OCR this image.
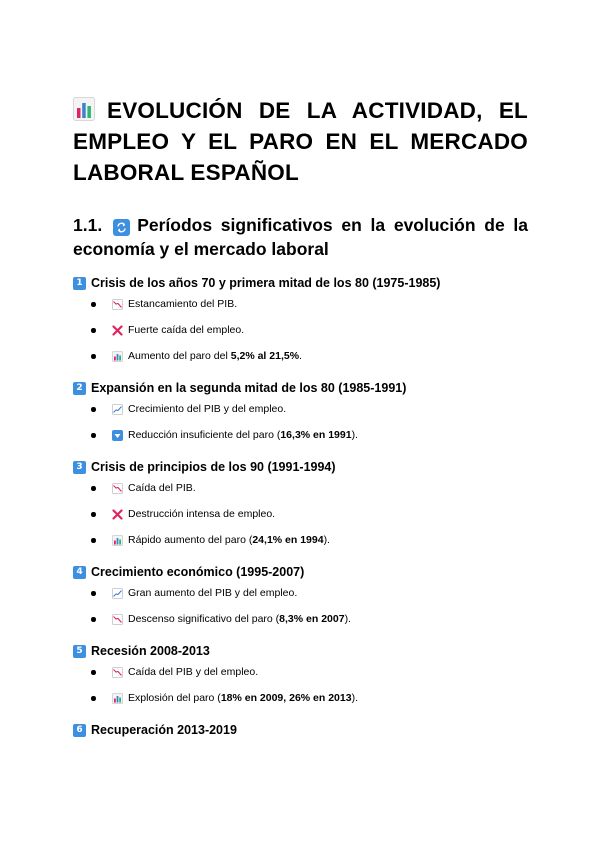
EVOLUCIÓN DE LA ACTIVIDAD, EL EMPLEO Y EL PARO EN EL MERCADO LABORAL ESPAÑOL
1.1. Períodos significativos en la evolución de la economía y el mercado laboral
1 Crisis de los años 70 y primera mitad de los 80 (1975-1985)
Estancamiento del PIB.
Fuerte caída del empleo.
Aumento del paro del 5,2% al 21,5%.
2 Expansión en la segunda mitad de los 80 (1985-1991)
Crecimiento del PIB y del empleo.
Reducción insuficiente del paro (16,3% en 1991).
3 Crisis de principios de los 90 (1991-1994)
Caída del PIB.
Destrucción intensa de empleo.
Rápido aumento del paro (24,1% en 1994).
4 Crecimiento económico (1995-2007)
Gran aumento del PIB y del empleo.
Descenso significativo del paro (8,3% en 2007).
5 Recesión 2008-2013
Caída del PIB y del empleo.
Explosión del paro (18% en 2009, 26% en 2013).
6 Recuperación 2013-2019
